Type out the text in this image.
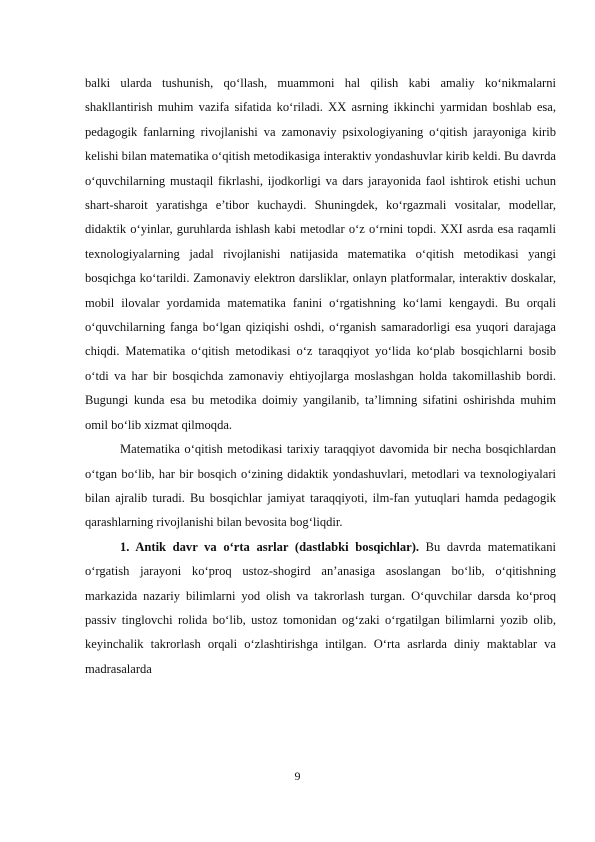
balki ularda tushunish, qo‘llash, muammoni hal qilish kabi amaliy ko‘nikmalarni shakllantirish muhim vazifa sifatida ko‘riladi. XX asrning ikkinchi yarmidan boshlab esa, pedagogik fanlarning rivojlanishi va zamonaviy psixologiyaning o‘qitish jarayoniga kirib kelishi bilan matematika o‘qitish metodikasiga interaktiv yondashuvlar kirib keldi. Bu davrda o‘quvchilarning mustaqil fikrlashi, ijodkorligi va dars jarayonida faol ishtirok etishi uchun shart-sharoit yaratishga e’tibor kuchaydi. Shuningdek, ko‘rgazmali vositalar, modellar, didaktik o‘yinlar, guruhlarda ishlash kabi metodlar o‘z o‘rnini topdi. XXI asrda esa raqamli texnologiyalarning jadal rivojlanishi natijasida matematika o‘qitish metodikasi yangi bosqichga ko‘tarildi. Zamonaviy elektron darsliklar, onlayn platformalar, interaktiv doskalar, mobil ilovalar yordamida matematika fanini o‘rgatishning ko‘lami kengaydi. Bu orqali o‘quvchilarning fanga bo‘lgan qiziqishi oshdi, o‘rganish samaradorligi esa yuqori darajaga chiqdi. Matematika o‘qitish metodikasi o‘z taraqqiyot yo‘lida ko‘plab bosqichlarni bosib o‘tdi va har bir bosqichda zamonaviy ehtiyojlarga moslashgan holda takomillashib bordi. Bugungi kunda esa bu metodika doimiy yangilanib, ta’limning sifatini oshirishda muhim omil bo‘lib xizmat qilmoqda.

Matematika o‘qitish metodikasi tarixiy taraqqiyot davomida bir necha bosqichlardan o‘tgan bo‘lib, har bir bosqich o‘zining didaktik yondashuvlari, metodlari va texnologiyalari bilan ajralib turadi. Bu bosqichlar jamiyat taraqqiyoti, ilm-fan yutuqlari hamda pedagogik qarashlarning rivojlanishi bilan bevosita bog‘liqdir.

1. Antik davr va o‘rta asrlar (dastlabki bosqichlar). Bu davrda matematikani o‘rgatish jarayoni ko‘proq ustoz-shogird an’anasiga asoslangan bo‘lib, o‘qitishning markazida nazariy bilimlarni yod olish va takrorlash turgan. O‘quvchilar darsda ko‘proq passiv tinglovchi rolida bo‘lib, ustoz tomonidan og‘zaki o‘rgatilgan bilimlarni yozib olib, keyinchalik takrorlash orqali o‘zlashtirishga intilgan. O‘rta asrlarda diniy maktablar va madrasalarda

9
